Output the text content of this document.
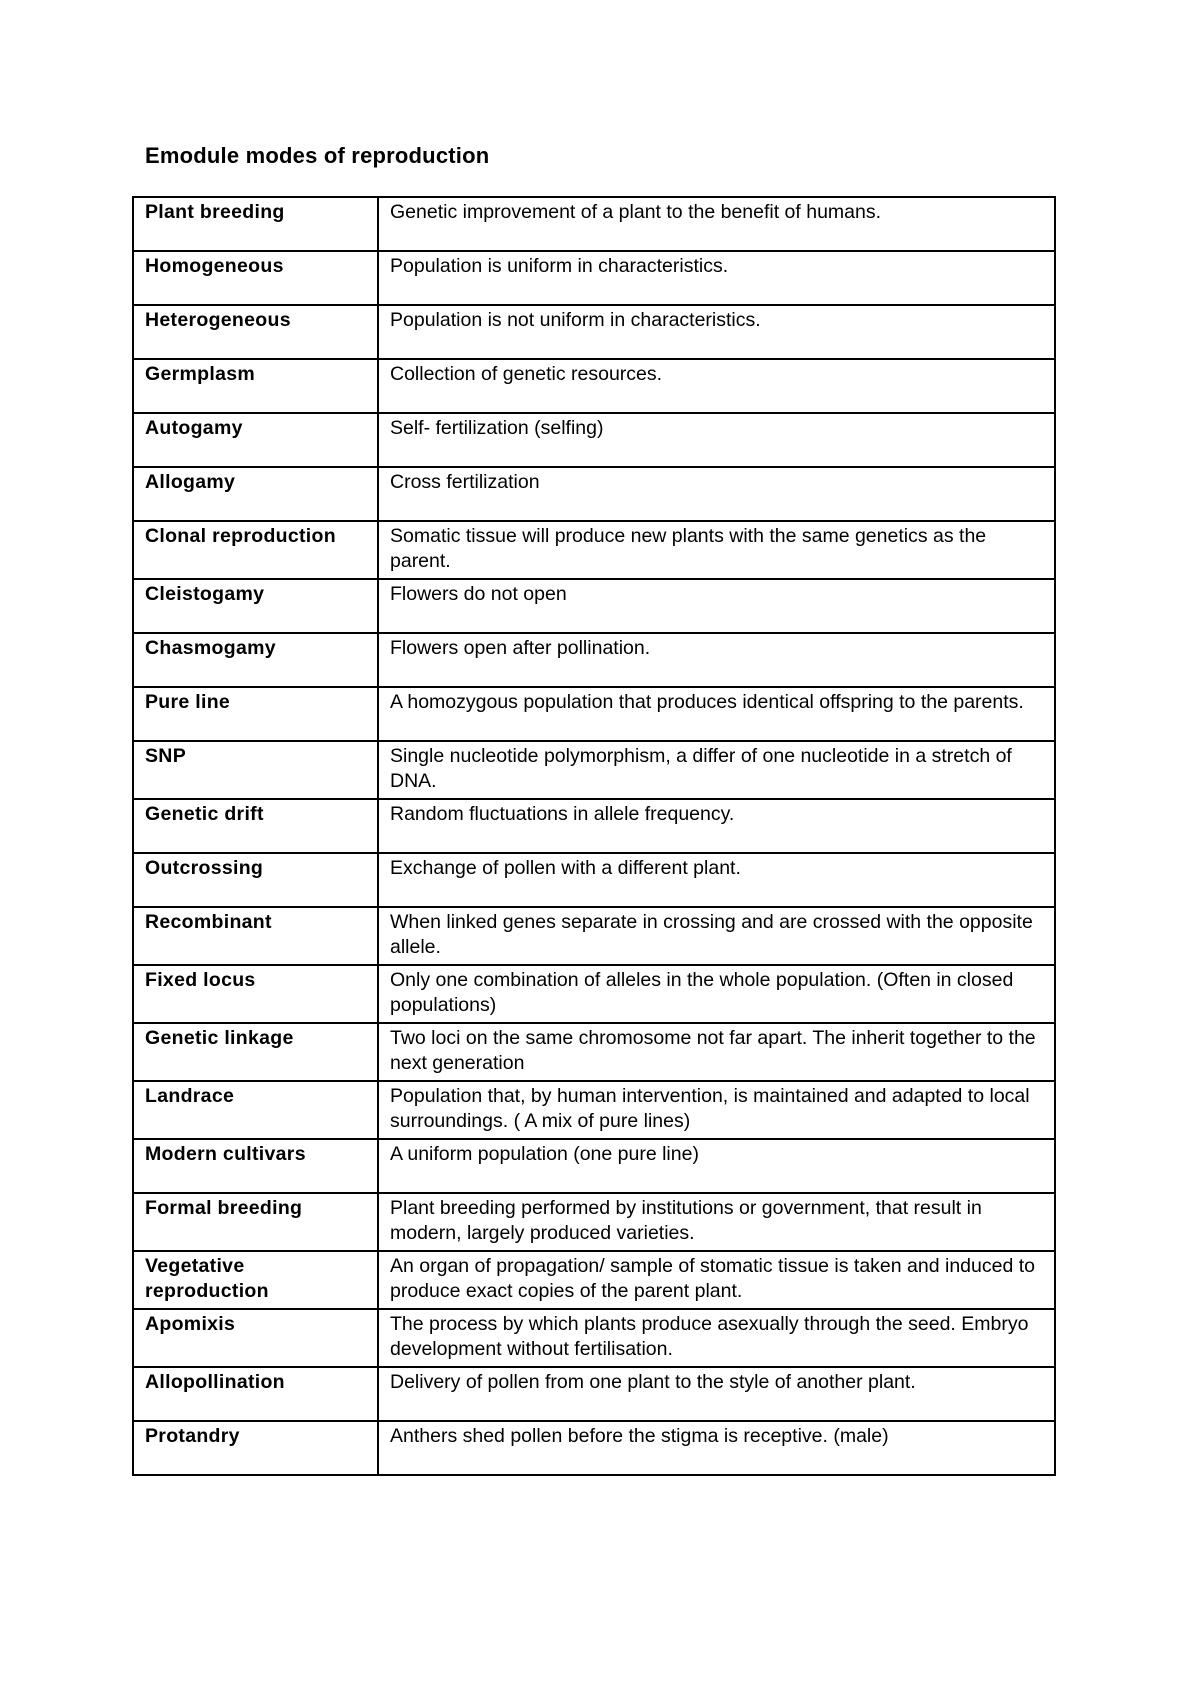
Emodule modes of reproduction
Plant breeding	Genetic improvement of a plant to the benefit of humans.
Homogeneous	Population is uniform in characteristics.
Heterogeneous	Population is not uniform in characteristics.
Germplasm	Collection of genetic resources.
Autogamy	Self- fertilization (selfing)
Allogamy	Cross fertilization
Clonal reproduction	Somatic tissue will produce new plants with the same genetics as the parent.
Cleistogamy	Flowers do not open
Chasmogamy	Flowers open after pollination.
Pure line	A homozygous population that produces identical offspring to the parents.
SNP	Single nucleotide polymorphism, a differ of one nucleotide in a stretch of DNA.
Genetic drift	Random fluctuations in allele frequency.
Outcrossing	Exchange of pollen with a different plant.
Recombinant	When linked genes separate in crossing and are crossed with the opposite allele.
Fixed locus	Only one combination of alleles in the whole population. (Often in closed populations)
Genetic linkage	Two loci on the same chromosome not far apart. The inherit together to the next generation
Landrace	Population that, by human intervention, is maintained and adapted to local surroundings. ( A mix of pure lines)
Modern cultivars	A uniform population (one pure line)
Formal breeding	Plant breeding performed by institutions or government, that result in modern, largely produced varieties.
Vegetative reproduction	An organ of propagation/ sample of stomatic tissue is taken and induced to produce exact copies of the parent plant.
Apomixis	The process by which plants produce asexually through the seed. Embryo development without fertilisation.
Allopollination	Delivery of pollen from one plant to the style of another plant.
Protandry	Anthers shed pollen before the stigma is receptive. (male)
